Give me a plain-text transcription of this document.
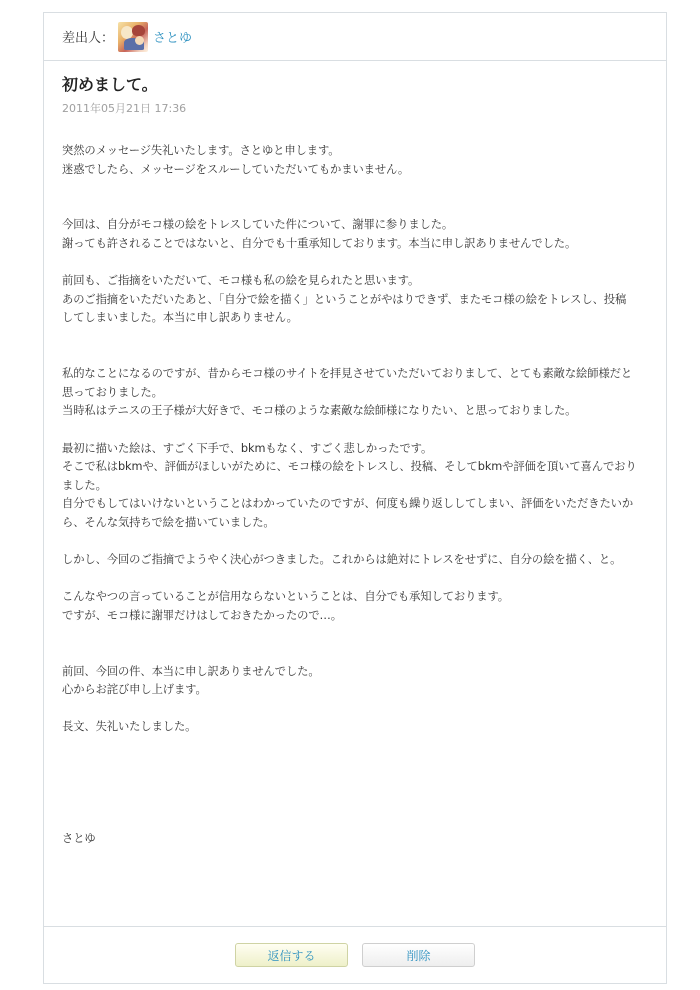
差出人：	さとゆ
初めまして。
2011年05月21日 17:36
突然のメッセージ失礼いたします。さとゆと申します。
迷惑でしたら、メッセージをスルーしていただいてもかまいません。

今回は、自分がモコ様の絵をトレスしていた件について、謝罪に参りました。
謝っても許されることではないと、自分でも十重承知しております。本当に申し訳ありませんでした。

前回も、ご指摘をいただいて、モコ様も私の絵を見られたと思います。
あのご指摘をいただいたあと、「自分で絵を描く」ということがやはりできず、またモコ様の絵をトレスし、投稿
してしまいました。本当に申し訳ありません。

私的なことになるのですが、昔からモコ様のサイトを拝見させていただいておりまして、とても素敵な絵師様だと
思っておりました。
当時私はテニスの王子様が大好きで、モコ様のような素敵な絵師様になりたい、と思っておりました。

最初に描いた絵は、すごく下手で、bkmもなく、すごく悲しかったです。
そこで私はbkmや、評価がほしいがために、モコ様の絵をトレスし、投稿、そしてbkmや評価を頂いて喜んでおり
ました。
自分でもしてはいけないということはわかっていたのですが、何度も繰り返ししてしまい、評価をいただきたいか
ら、そんな気持ちで絵を描いていました。

しかし、今回のご指摘でようやく決心がつきました。これからは絶対にトレスをせずに、自分の絵を描く、と。

こんなやつの言っていることが信用ならないということは、自分でも承知しております。
ですが、モコ様に謝罪だけはしておきたかったので…。

前回、今回の件、本当に申し訳ありませんでした。
心からお詫び申し上げます。

長文、失礼いたしました。

さとゆ
返信する	削除
